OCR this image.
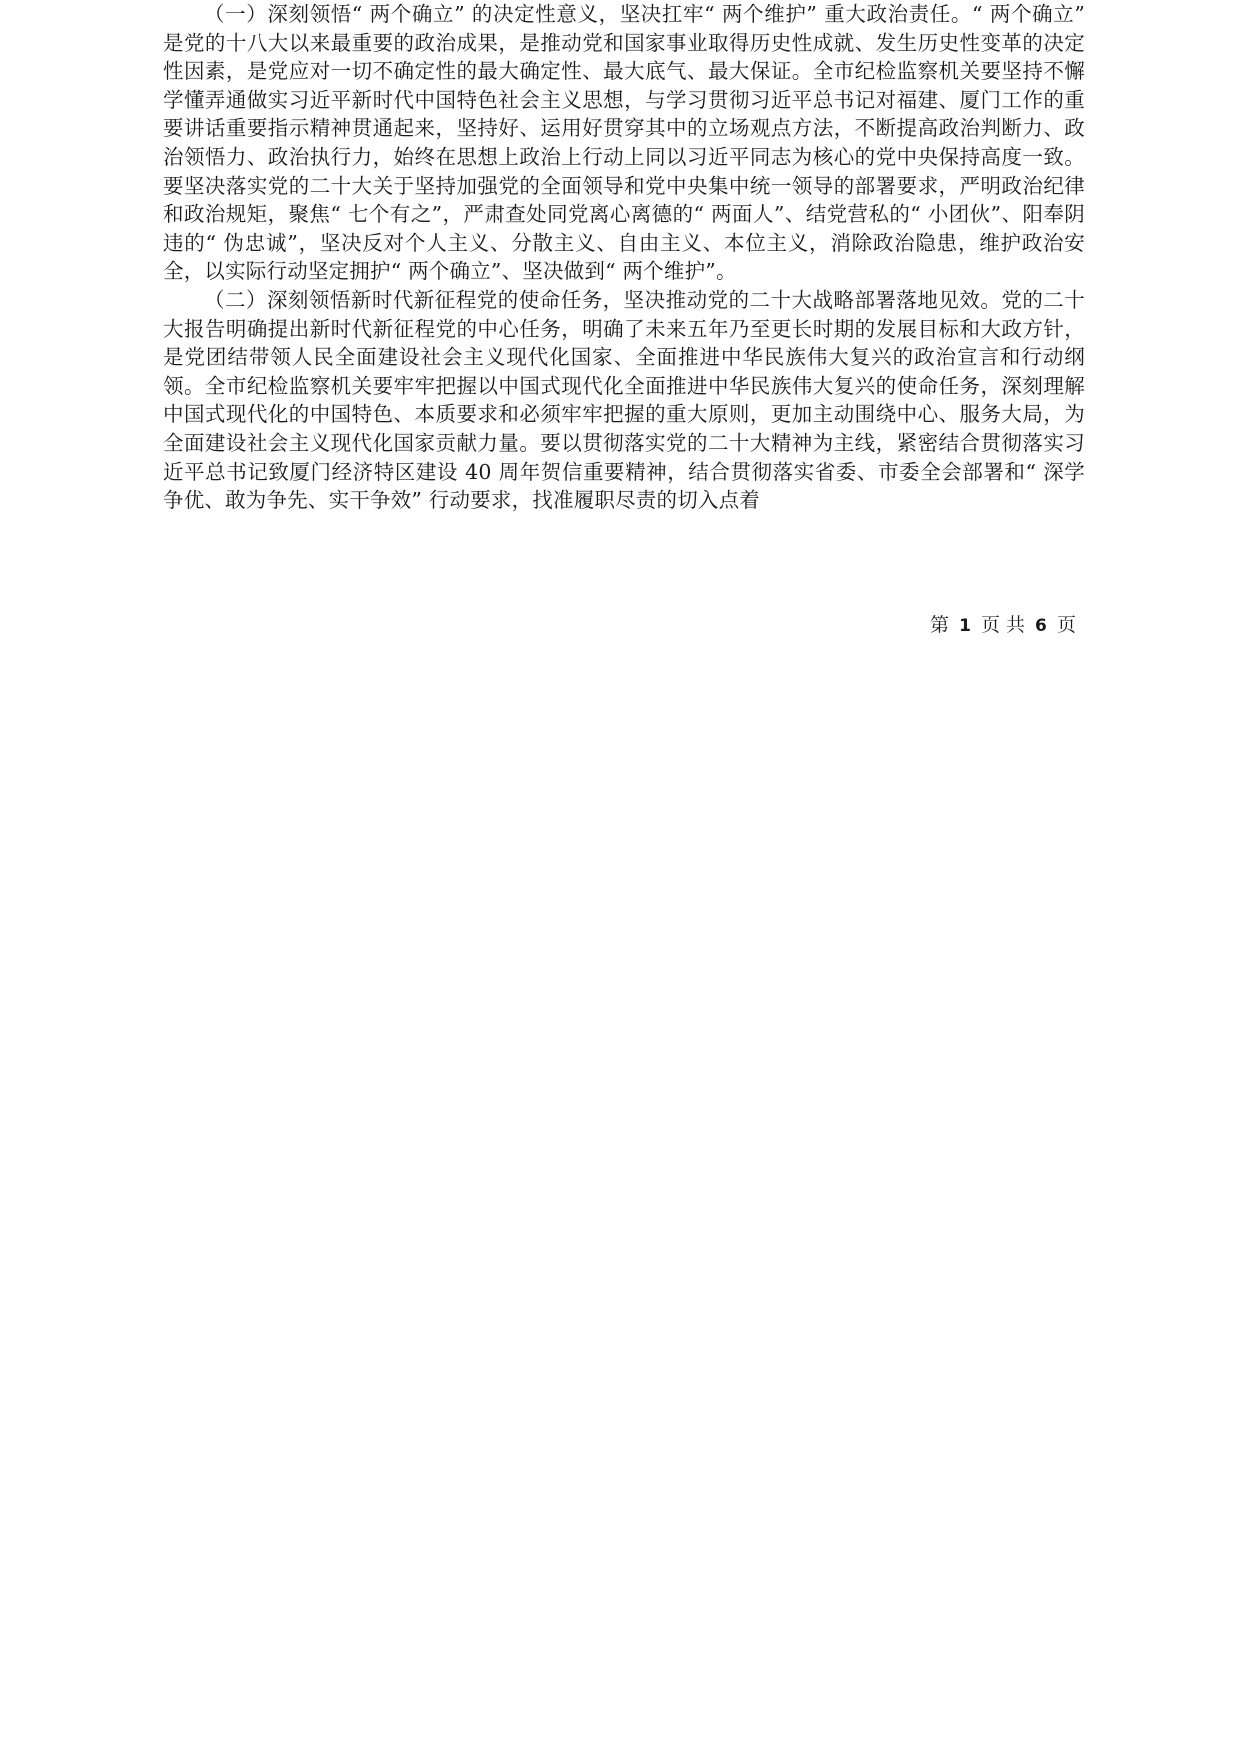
（一）深刻领悟“ 两个确立” 的决定性意义，坚决扛牢“ 两个维护” 重大政治责任。“ 两个确立” 是党的十八大以来最重要的政治成果，是推动党和国家事业取得历史性成就、发生历史性变革的决定性因素，是党应对一切不确定性的最大确定性、最大底气、最大保证。全市纪检监察机关要坚持不懈学懂弄通做实习近平新时代中国特色社会主义思想，与学习贯彻习近平总书记对福建、厦门工作的重要讲话重要指示精神贯通起来，坚持好、运用好贯穿其中的立场观点方法，不断提高政治判断力、政治领悟力、政治执行力，始终在思想上政治上行动上同以习近平同志为核心的党中央保持高度一致。要坚决落实党的二十大关于坚持加强党的全面领导和党中央集中统一领导的部署要求，严明政治纪律和政治规矩，聚焦“ 七个有之”，严肃查处同党离心离德的“ 两面人”、结党营私的“ 小团伙”、阳奉阴违的“ 伪忠诚”，坚决反对个人主义、分散主义、自由主义、本位主义，消除政治隐患，维护政治安全，以实际行动坚定拥护“ 两个确立”、坚决做到“ 两个维护”。

（二）深刻领悟新时代新征程党的使命任务，坚决推动党的二十大战略部署落地见效。党的二十大报告明确提出新时代新征程党的中心任务，明确了未来五年乃至更长时期的发展目标和大政方针，是党团结带领人民全面建设社会主义现代化国家、全面推进中华民族伟大复兴的政治宣言和行动纲领。全市纪检监察机关要牢牢把握以中国式现代化全面推进中华民族伟大复兴的使命任务，深刻理解中国式现代化的中国特色、本质要求和必须牢牢把握的重大原则，更加主动围绕中心、服务大局，为全面建设社会主义现代化国家贡献力量。要以贯彻落实党的二十大精神为主线，紧密结合贯彻落实习近平总书记致厦门经济特区建设 40 周年贺信重要精神，结合贯彻落实省委、市委全会部署和“ 深学争优、敢为争先、实干争效” 行动要求，找准履职尽责的切入点着

第 1 页 共 6 页
